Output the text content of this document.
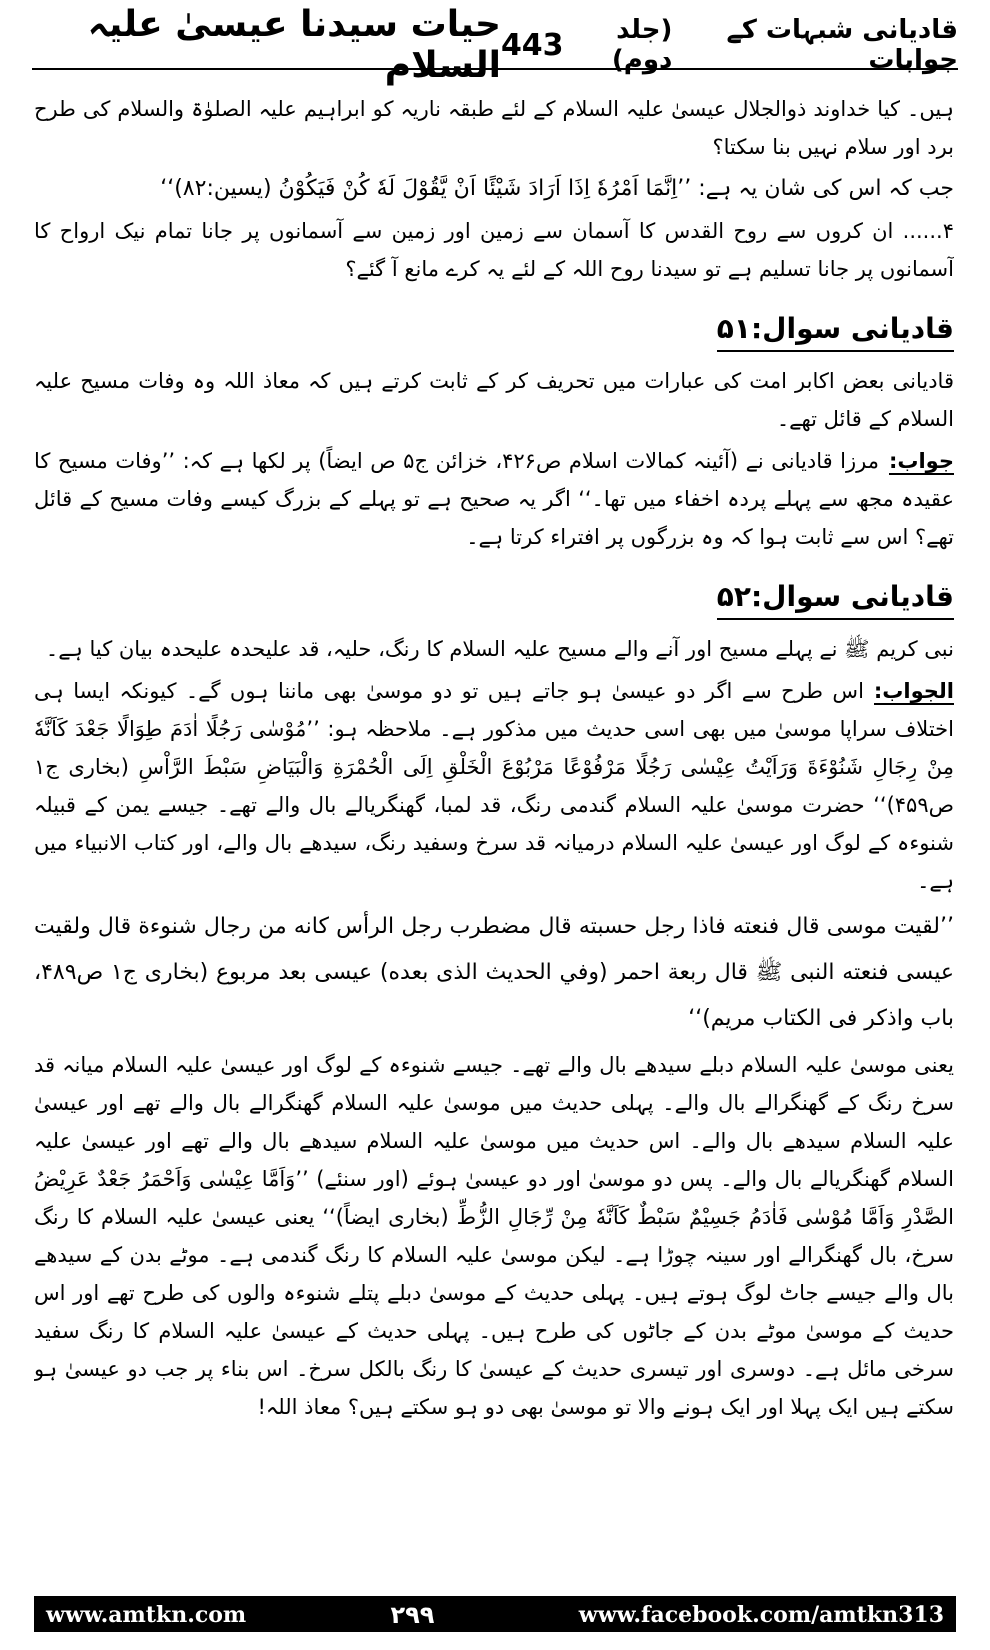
قادیانی شبہات کے جوابات
(جلد دوم)
443
حیات سیدنا عیسیٰ علیہ السلام

ہیں۔ کیا خداوند ذوالجلال عیسیٰ علیہ السلام کے لئے طبقہ ناریہ کو ابراہیم علیہ الصلوٰۃ والسلام کی طرح برد اور سلام نہیں بنا سکتا؟

جب کہ اس کی شان یہ ہے: ’’اِنَّمَا اَمْرُهٗ اِذَا اَرَادَ شَيْئًا اَنْ يَّقُوْلَ لَهٗ كُنْ فَيَكُوْنُ (یسین:۸۲)‘‘

۴...... ان کروں سے روح القدس کا آسمان سے زمین اور زمین سے آسمانوں پر جانا تمام نیک ارواح کا آسمانوں پر جانا تسلیم ہے تو سیدنا روح اللہ کے لئے یہ کرے مانع آ گئے؟

قادیانی سوال:۵۱

قادیانی بعض اکابر امت کی عبارات میں تحریف کر کے ثابت کرتے ہیں کہ معاذ اللہ وہ وفات مسیح علیہ السلام کے قائل تھے۔

جواب:مرزا قادیانی نے (آئینہ کمالات اسلام ص۴۲۶، خزائن ج۵ ص ایضاً) پر لکھا ہے کہ: ’’وفات مسیح کا عقیدہ مجھ سے پہلے پردہ اخفاء میں تھا۔‘‘ اگر یہ صحیح ہے تو پہلے کے بزرگ کیسے وفات مسیح کے قائل تھے؟ اس سے ثابت ہوا کہ وہ بزرگوں پر افتراء کرتا ہے۔

قادیانی سوال:۵۲

نبی کریم ﷺ نے پہلے مسیح اور آنے والے مسیح علیہ السلام کا رنگ، حلیہ، قد علیحدہ علیحدہ بیان کیا ہے۔

الجواب:اس طرح سے اگر دو عیسیٰ ہو جاتے ہیں تو دو موسیٰ بھی ماننا ہوں گے۔ کیونکہ ایسا ہی اختلاف سراپا موسیٰ میں بھی اسی حدیث میں مذکور ہے۔ ملاحظہ ہو: ’’مُوْسٰى رَجُلًا اٰدَمَ طِوَالًا جَعْدَ كَاَنَّهٗ مِنْ رِجَالِ شَنُوْءَةَ وَرَاَيْتُ عِيْسٰى رَجُلًا مَرْفُوْعًا مَرْبُوْعَ الْخَلْقِ اِلَى الْحُمْرَةِ وَالْبَيَاضِ سَبْطَ الرَّاْسِ (بخاری ج۱ ص۴۵۹)‘‘ حضرت موسیٰ علیہ السلام گندمی رنگ، قد لمبا، گھنگریالے بال والے تھے۔ جیسے یمن کے قبیلہ شنوءہ کے لوگ اور عیسیٰ علیہ السلام درمیانہ قد سرخ وسفید رنگ، سیدھے بال والے، اور کتاب الانبیاء میں ہے۔

’’لقيت موسى قال فنعته فاذا رجل حسبته قال مضطرب رجل الرأس كانه من رجال شنوءة قال ولقيت عيسى فنعته النبى ﷺ قال ربعة احمر (وفي الحديث الذى بعده) عيسى بعد مربوع (بخاری ج۱ ص۴۸۹، باب واذكر فى الكتاب مريم)‘‘

یعنی موسیٰ علیہ السلام دبلے سیدھے بال والے تھے۔ جیسے شنوءہ کے لوگ اور عیسیٰ علیہ السلام میانہ قد سرخ رنگ کے گھنگرالے بال والے۔ پہلی حدیث میں موسیٰ علیہ السلام گھنگرالے بال والے تھے اور عیسیٰ علیہ السلام سیدھے بال والے۔ اس حدیث میں موسیٰ علیہ السلام سیدھے بال والے تھے اور عیسیٰ علیہ السلام گھنگریالے بال والے۔ پس دو موسیٰ اور دو عیسیٰ ہوئے (اور سنئے) ’’وَاَمَّا عِيْسٰى وَاَحْمَرُ جَعْدٌ عَرِيْضُ الصَّدْرِ وَاَمَّا مُوْسٰى فَاٰدَمُ جَسِيْمٌ سَبْطٌ كَاَنَّهٗ مِنْ رِّجَالِ الزُّطِّ (بخاری ایضاً)‘‘ یعنی عیسیٰ علیہ السلام کا رنگ سرخ، بال گھنگرالے اور سینہ چوڑا ہے۔ لیکن موسیٰ علیہ السلام کا رنگ گندمی ہے۔ موٹے بدن کے سیدھے بال والے جیسے جاٹ لوگ ہوتے ہیں۔ پہلی حدیث کے موسیٰ دبلے پتلے شنوءہ والوں کی طرح تھے اور اس حدیث کے موسیٰ موٹے بدن کے جاٹوں کی طرح ہیں۔ پہلی حدیث کے عیسیٰ علیہ السلام کا رنگ سفید سرخی مائل ہے۔ دوسری اور تیسری حدیث کے عیسیٰ کا رنگ بالکل سرخ۔ اس بناء پر جب دو عیسیٰ ہو سکتے ہیں ایک پہلا اور ایک ہونے والا تو موسیٰ بھی دو ہو سکتے ہیں؟ معاذ اللہ!

www.amtkn.com	۲۹۹	www.facebook.com/amtkn313
